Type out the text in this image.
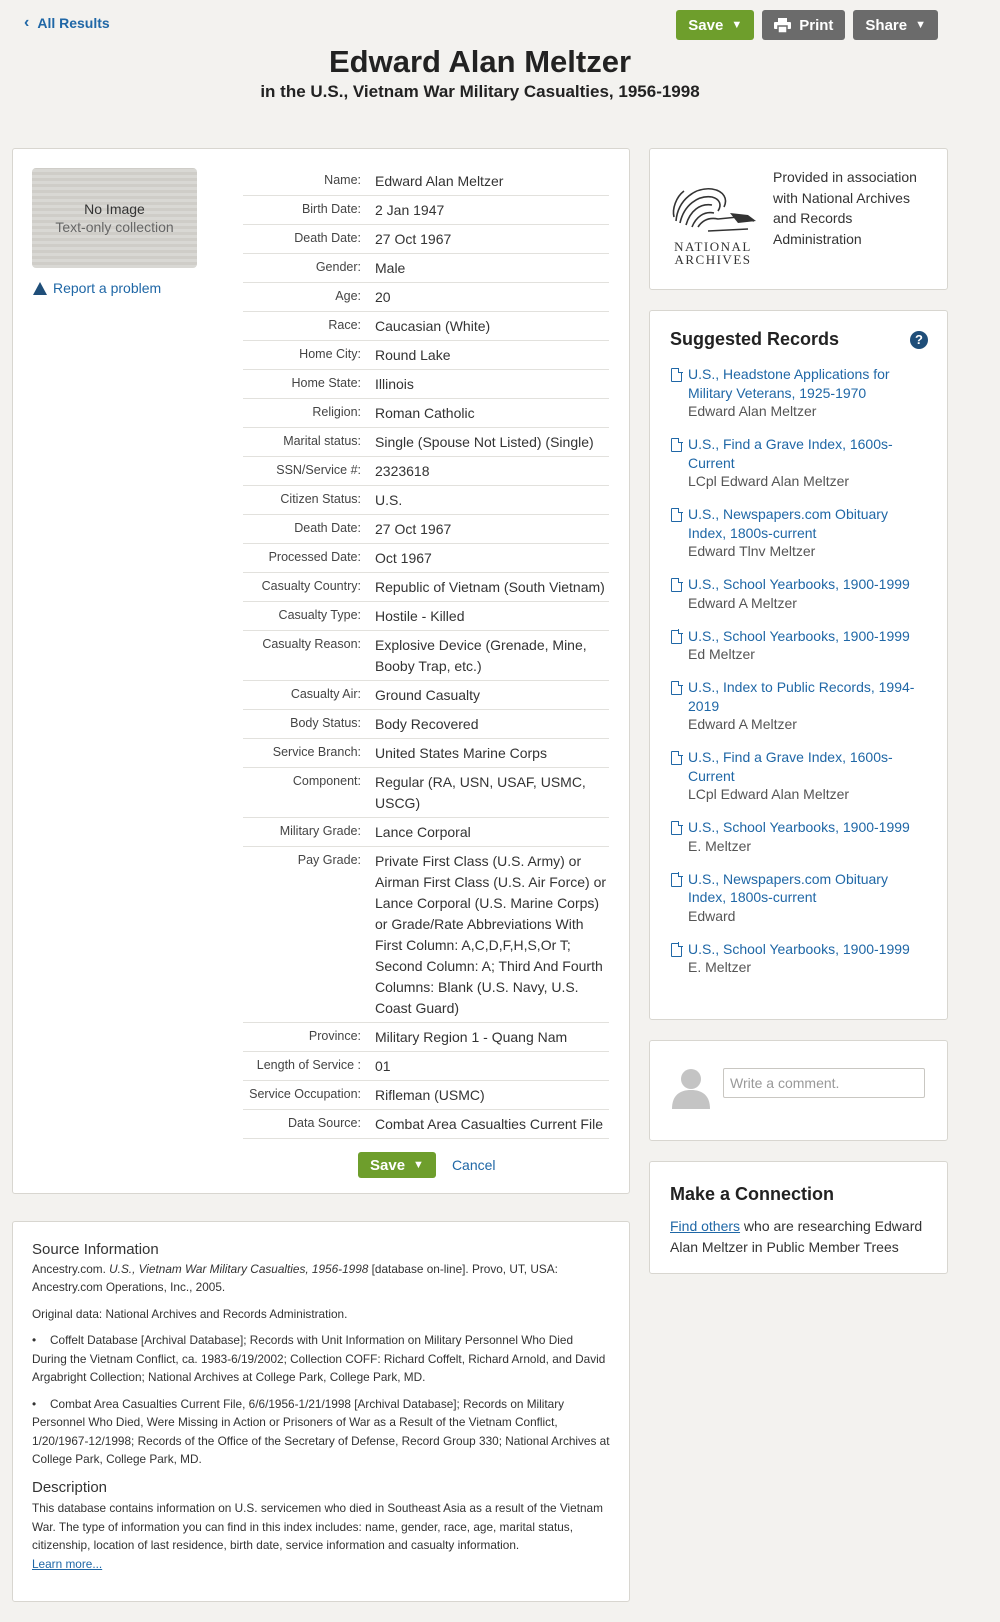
‹ All Results	Save ▼	Print Share ▼
Edward Alan Meltzer
in the U.S., Vietnam War Military Casualties, 1956-1998
No Image
Text-only collection
Report a problem
Name:	Edward Alan Meltzer
Birth Date:	2 Jan 1947
Death Date:	27 Oct 1967
Gender:	Male
Age:	20
Race:	Caucasian (White)
Home City:	Round Lake
Home State:	Illinois
Religion:	Roman Catholic
Marital status:	Single (Spouse Not Listed) (Single)
SSN/Service #:	2323618
Citizen Status:	U.S.
Death Date:	27 Oct 1967
Processed Date:	Oct 1967
Casualty Country:	Republic of Vietnam (South Vietnam)
Casualty Type:	Hostile - Killed
Casualty Reason:	Explosive Device (Grenade, Mine, Booby Trap, etc.)
Casualty Air:	Ground Casualty
Body Status:	Body Recovered
Service Branch:	United States Marine Corps
Component:	Regular (RA, USN, USAF, USMC, USCG)
Military Grade:	Lance Corporal
Pay Grade:	Private First Class (U.S. Army) or Airman First Class (U.S. Air Force) or Lance Corporal (U.S. Marine Corps) or Grade/Rate Abbreviations With First Column: A,C,D,F,H,S,Or T; Second Column: A; Third And Fourth Columns: Blank (U.S. Navy, U.S. Coast Guard)
Province:	Military Region 1 - Quang Nam
Length of Service :	01
Service Occupation:	Rifleman (USMC)
Data Source:	Combat Area Casualties Current File
Save ▼ Cancel
Source Information

Ancestry.com. U.S., Vietnam War Military Casualties, 1956-1998 [database on-line]. Provo, UT, USA: Ancestry.com Operations, Inc., 2005.

Original data: National Archives and Records Administration.

• Coffelt Database [Archival Database]; Records with Unit Information on Military Personnel Who Died During the Vietnam Conflict, ca. 1983-6/19/2002; Collection COFF: Richard Coffelt, Richard Arnold, and David Argabright Collection; National Archives at College Park, College Park, MD.
• Combat Area Casualties Current File, 6/6/1956-1/21/1998 [Archival Database]; Records on Military Personnel Who Died, Were Missing in Action or Prisoners of War as a Result of the Vietnam Conflict, 1/20/1967-12/1998; Records of the Office of the Secretary of Defense, Record Group 330; National Archives at College Park, College Park, MD.
Description
This database contains information on U.S. servicemen who died in Southeast Asia as a result of the Vietnam War. The type of information you can find in this index includes: name, gender, race, age, marital status, citizenship, location of last residence, birth date, service information and casualty information.
Learn more...
NATIONAL
ARCHIVES
Provided in association with National Archives and Records Administration
Suggested Records	?
U.S., Headstone Applications for Military Veterans, 1925-1970
Edward Alan Meltzer
U.S., Find a Grave Index, 1600s-Current
LCpl Edward Alan Meltzer
U.S., Newspapers.com Obituary Index, 1800s-current
Edward Tlnv Meltzer
U.S., School Yearbooks, 1900-1999
Edward A Meltzer
U.S., School Yearbooks, 1900-1999
Ed Meltzer
U.S., Index to Public Records, 1994-2019
Edward A Meltzer
U.S., Find a Grave Index, 1600s-Current
LCpl Edward Alan Meltzer
U.S., School Yearbooks, 1900-1999
E. Meltzer
U.S., Newspapers.com Obituary Index, 1800s-current
Edward
U.S., School Yearbooks, 1900-1999
E. Meltzer
Write a comment.
Make a Connection
Find others who are researching Edward Alan Meltzer in Public Member Trees
